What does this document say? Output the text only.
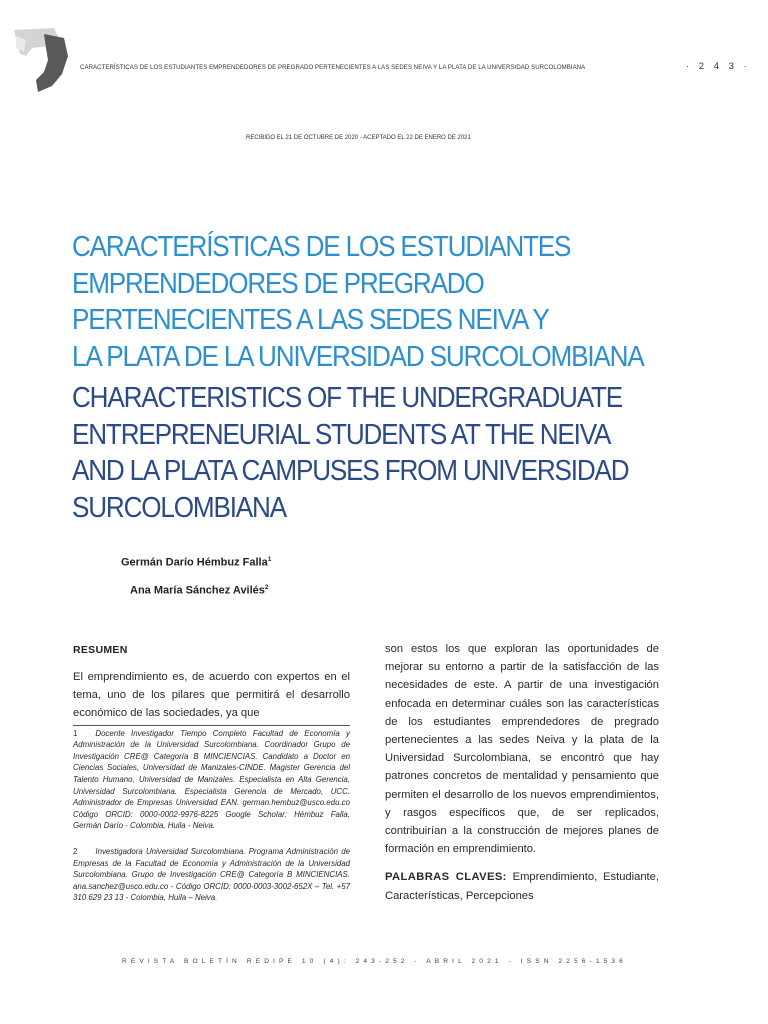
CARACTERÍSTICAS DE LOS ESTUDIANTES EMPRENDEDORES DE PREGRADO PERTENECIENTES A LAS SEDES NEIVA Y LA PLATA DE LA UNIVERSIDAD SURCOLOMBIANA	· 2 4 3 ·
RECIBIDO EL 21 DE OCTUBRE DE 2020 - ACEPTADO EL 22 DE ENERO DE 2021
CARACTERÍSTICAS DE LOS ESTUDIANTES
EMPRENDEDORES DE PREGRADO
PERTENECIENTES A LAS SEDES NEIVA Y
LA PLATA DE LA UNIVERSIDAD SURCOLOMBIANA
CHARACTERISTICS OF THE UNDERGRADUATE
ENTREPRENEURIAL STUDENTS AT THE NEIVA
AND LA PLATA CAMPUSES FROM UNIVERSIDAD
SURCOLOMBIANA
Germán Darío Hémbuz Falla$^1$
Ana María Sánchez Avilés$^2$
RESUMEN

El emprendimiento es, de acuerdo con expertos en el tema, uno de los pilares que permitirá el desarrollo económico de las sociedades, ya que

1 Docente Investigador Tiempo Completo Facultad de Economía y Administración de la Universidad Surcolombiana. Coordinador Grupo de Investigación CRE@ Categoría B MINCIENCIAS. Candidato a Doctor en Ciencias Sociales, Universidad de Manizales-CINDE. Magister Gerencia del Talento Humano, Universidad de Manizales. Especialista en Alta Gerencia, Universidad Surcolombiana. Especialista Gerencia de Mercado, UCC. Administrador de Empresas Universidad EAN. german.hembuz@usco.edu.co Código ORCID: 0000-0002-9976-8225 Google Scholar: Hémbuz Falla, Germán Darío - Colombia, Huila - Neiva.

2 Investigadora Universidad Surcolombiana. Programa Administración de Empresas de la Facultad de Economía y Administración de la Universidad Surcolombiana. Grupo de Investigación CRE@ Categoría B MINCIENCIAS. ana.sanchez@usco.edu.co - Código ORCID: 0000-0003-3002-652X – Tel. +57 310 629 23 13 - Colombia, Huila – Neiva.

son estos los que exploran las oportunidades de mejorar su entorno a partir de la satisfacción de las necesidades de este. A partir de una investigación enfocada en determinar cuáles son las características de los estudiantes emprendedores de pregrado pertenecientes a las sedes Neiva y la plata de la Universidad Surcolombiana, se encontró que hay patrones concretos de mentalidad y pensamiento que permiten el desarrollo de los nuevos emprendimientos, y rasgos específicos que, de ser replicados, contribuirían a la construcción de mejores planes de formación en emprendimiento.

PALABRAS CLAVES: Emprendimiento, Estudiante, Características, Percepciones
REVISTA BOLETÍN REDIPE 10 (4): 243-252 - ABRIL 2021 - ISSN 2256-1536
